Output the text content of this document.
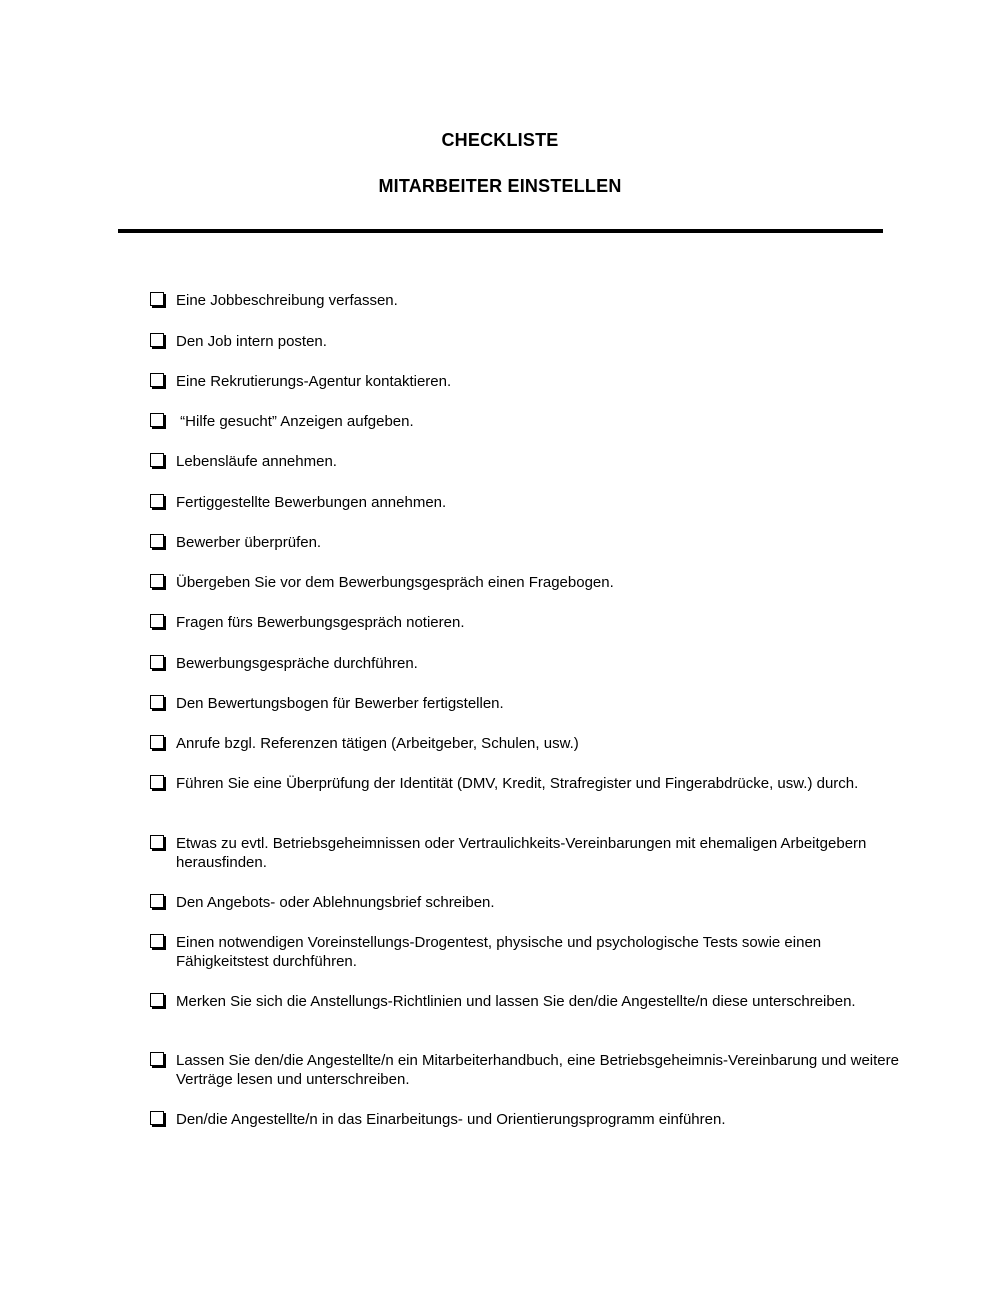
CHECKLISTE
MITARBEITER EINSTELLEN
Eine Jobbeschreibung verfassen.
Den Job intern posten.
Eine Rekrutierungs-Agentur kontaktieren.
“Hilfe gesucht” Anzeigen aufgeben.
Lebensläufe annehmen.
Fertiggestellte Bewerbungen annehmen.
Bewerber überprüfen.
Übergeben Sie vor dem Bewerbungsgespräch einen Fragebogen.
Fragen fürs Bewerbungsgespräch notieren.
Bewerbungsgespräche durchführen.
Den Bewertungsbogen für Bewerber fertigstellen.
Anrufe bzgl. Referenzen tätigen (Arbeitgeber, Schulen, usw.)
Führen Sie eine Überprüfung der Identität (DMV, Kredit, Strafregister und Fingerabdrücke, usw.) durch.
Etwas zu evtl. Betriebsgeheimnissen oder Vertraulichkeits-Vereinbarungen mit ehemaligen Arbeitgebern herausfinden.
Den Angebots- oder Ablehnungsbrief schreiben.
Einen notwendigen Voreinstellungs-Drogentest, physische und psychologische Tests sowie einen Fähigkeitstest durchführen.
Merken Sie sich die Anstellungs-Richtlinien und lassen Sie den/die Angestellte/n diese unterschreiben.
Lassen Sie den/die Angestellte/n ein Mitarbeiterhandbuch, eine Betriebsgeheimnis-Vereinbarung und weitere Verträge lesen und unterschreiben.
Den/die Angestellte/n in das Einarbeitungs- und Orientierungsprogramm einführen.
